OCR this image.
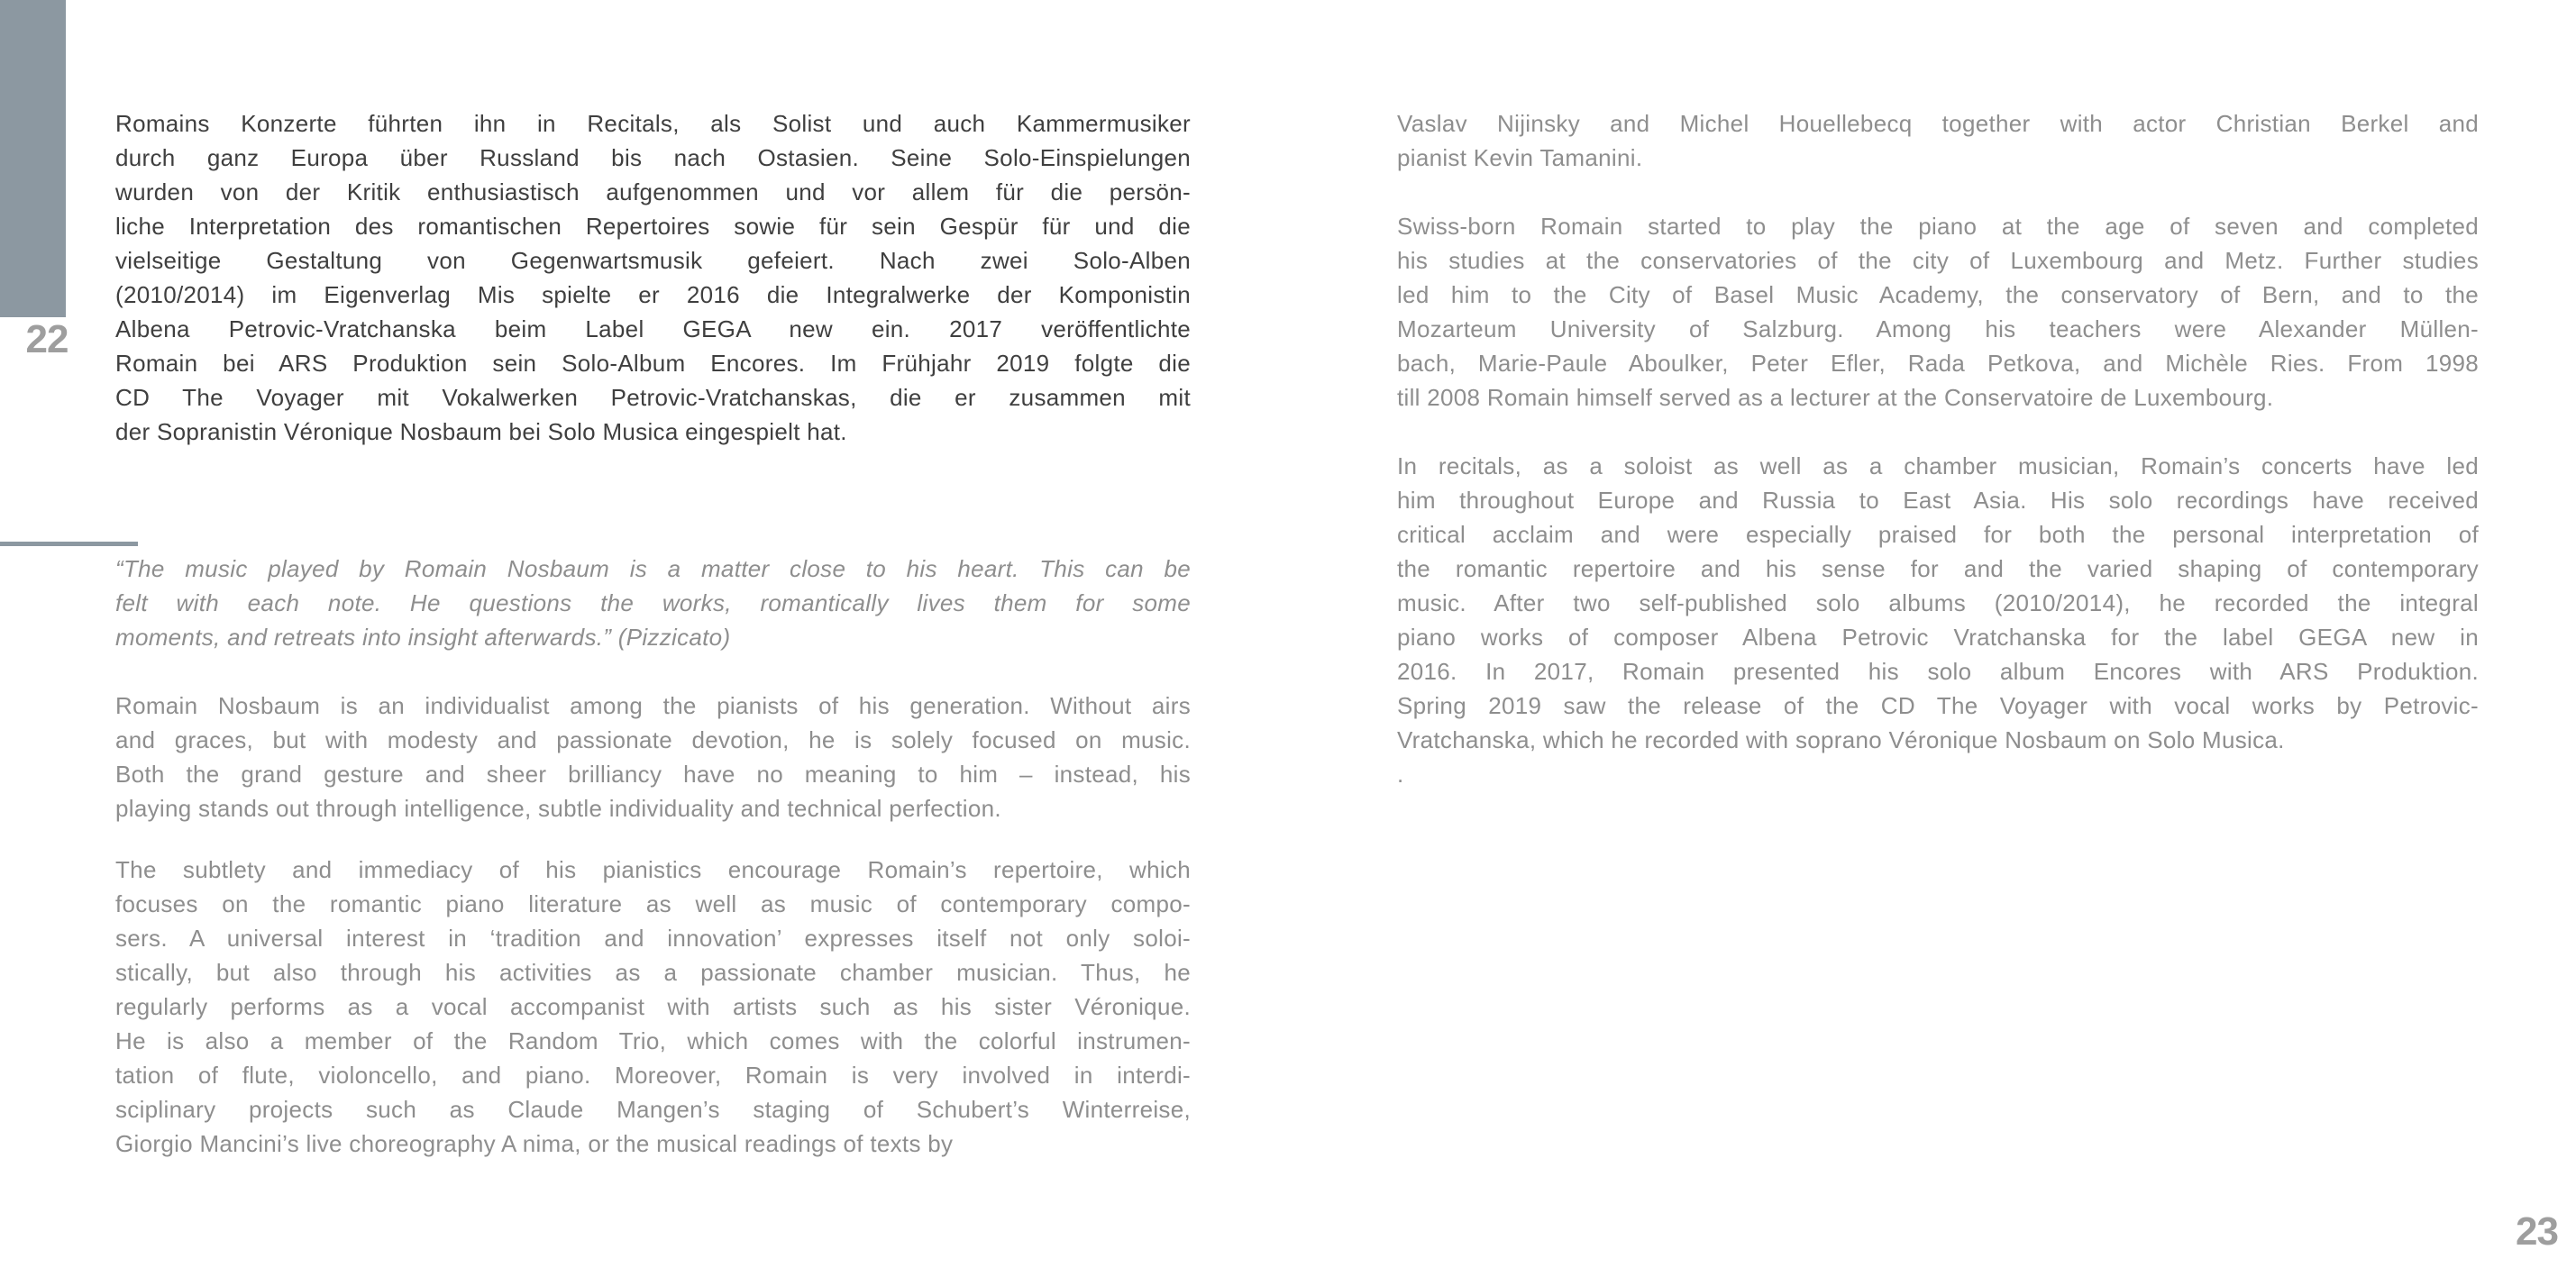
22
Romains Konzerte führten ihn in Recitals, als Solist und auch Kammermusiker
durch ganz Europa über Russland bis nach Ostasien. Seine Solo-Einspielungen
wurden von der Kritik enthusiastisch aufgenommen und vor allem für die persön-
liche Interpretation des romantischen Repertoires sowie für sein Gespür für und die
vielseitige Gestaltung von Gegenwartsmusik gefeiert. Nach zwei Solo-Alben
(2010/2014) im Eigenverlag Mis spielte er 2016 die Integralwerke der Komponistin
Albena Petrovic-Vratchanska beim Label GEGA new ein. 2017 veröffentlichte
Romain bei ARS Produktion sein Solo-Album Encores. Im Frühjahr 2019 folgte die
CD The Voyager mit Vokalwerken Petrovic-Vratchanskas, die er zusammen mit
der Sopranistin Véronique Nosbaum bei Solo Musica eingespielt hat.
“The music played by Romain Nosbaum is a matter close to his heart. This can be
felt with each note. He questions the works, romantically lives them for some
moments, and retreats into insight afterwards.” (Pizzicato)
Romain Nosbaum is an individualist among the pianists of his generation. Without airs
and graces, but with modesty and passionate devotion, he is solely focused on music.
Both the grand gesture and sheer brilliancy have no meaning to him – instead, his
playing stands out through intelligence, subtle individuality and technical perfection.
The subtlety and immediacy of his pianistics encourage Romain’s repertoire, which
focuses on the romantic piano literature as well as music of contemporary compo-
sers. A universal interest in ‘tradition and innovation’ expresses itself not only soloi-
stically, but also through his activities as a passionate chamber musician. Thus, he
regularly performs as a vocal accompanist with artists such as his sister Véronique.
He is also a member of the Random Trio, which comes with the colorful instrumen-
tation of flute, violoncello, and piano. Moreover, Romain is very involved in interdi-
sciplinary projects such as Claude Mangen’s staging of Schubert’s Winterreise,
Giorgio Mancini’s live choreography A nima, or the musical readings of texts by
Vaslav Nijinsky and Michel Houellebecq together with actor Christian Berkel and
pianist Kevin Tamanini.
Swiss-born Romain started to play the piano at the age of seven and completed
his studies at the conservatories of the city of Luxembourg and Metz. Further studies
led him to the City of Basel Music Academy, the conservatory of Bern, and to the
Mozarteum University of Salzburg. Among his teachers were Alexander Müllen-
bach, Marie-Paule Aboulker, Peter Efler, Rada Petkova, and Michèle Ries. From 1998
till 2008 Romain himself served as a lecturer at the Conservatoire de Luxembourg.
In recitals, as a soloist as well as a chamber musician, Romain’s concerts have led
him throughout Europe and Russia to East Asia. His solo recordings have received
critical acclaim and were especially praised for both the personal interpretation of
the romantic repertoire and his sense for and the varied shaping of contemporary
music. After two self-published solo albums (2010/2014), he recorded the integral
piano works of composer Albena Petrovic Vratchanska for the label GEGA new in
2016. In 2017, Romain presented his solo album Encores with ARS Produktion.
Spring 2019 saw the release of the CD The Voyager with vocal works by Petrovic-
Vratchanska, which he recorded with soprano Véronique Nosbaum on Solo Musica.
.
23
